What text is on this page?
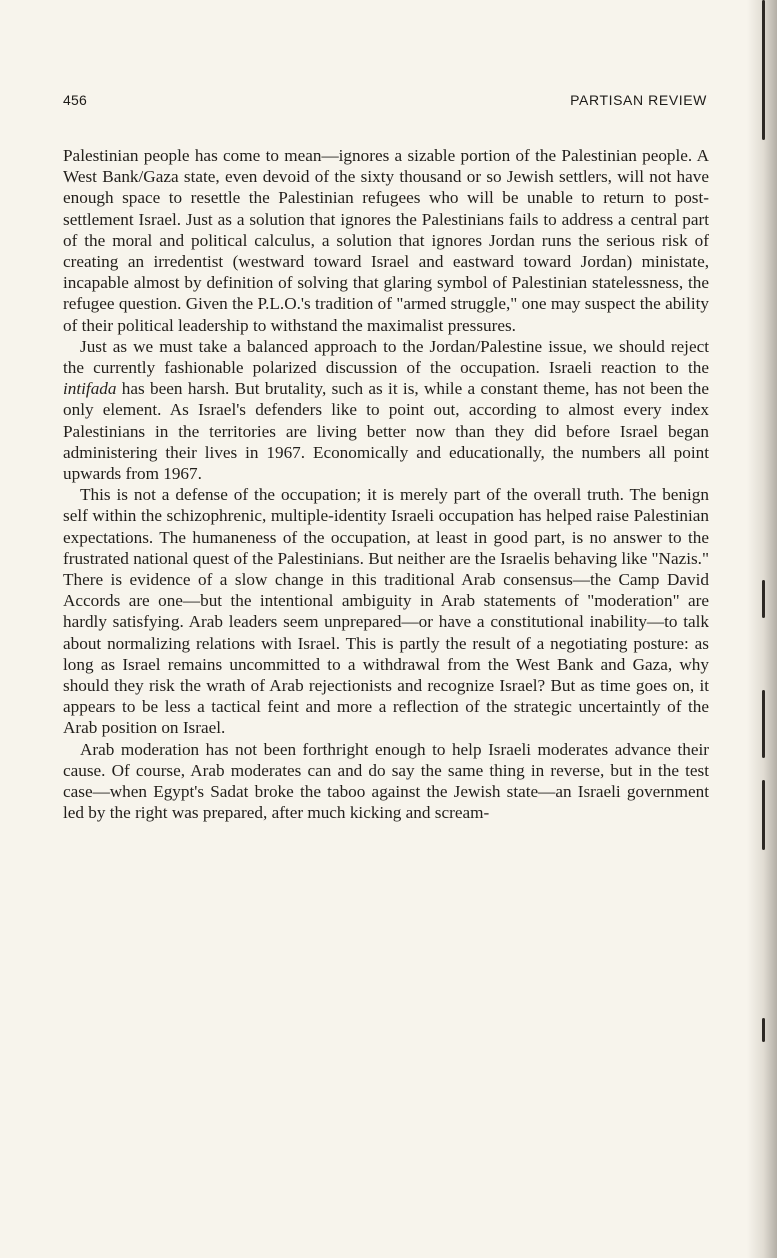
456	PARTISAN REVIEW

Palestinian people has come to mean—ignores a sizable portion of the Palestinian people. A West Bank/Gaza state, even devoid of the sixty thousand or so Jewish settlers, will not have enough space to resettle the Palestinian refugees who will be unable to return to post-settlement Israel. Just as a solution that ignores the Palestinians fails to address a central part of the moral and political calculus, a solution that ignores Jordan runs the serious risk of creating an irredentist (westward toward Israel and eastward toward Jordan) ministate, incapable almost by definition of solving that glaring symbol of Palestinian statelessness, the refugee question. Given the P.L.O.'s tradition of "armed struggle," one may suspect the ability of their political leadership to withstand the maximalist pressures.

Just as we must take a balanced approach to the Jordan/Palestine issue, we should reject the currently fashionable polarized discussion of the occupation. Israeli reaction to the intifada has been harsh. But brutality, such as it is, while a constant theme, has not been the only element. As Israel's defenders like to point out, according to almost every index Palestinians in the territories are living better now than they did before Israel began administering their lives in 1967. Economically and educationally, the numbers all point upwards from 1967.

This is not a defense of the occupation; it is merely part of the overall truth. The benign self within the schizophrenic, multiple-identity Israeli occupation has helped raise Palestinian expectations. The humaneness of the occupation, at least in good part, is no answer to the frustrated national quest of the Palestinians. But neither are the Israelis behaving like "Nazis." There is evidence of a slow change in this traditional Arab consensus—the Camp David Accords are one—but the intentional ambiguity in Arab statements of "moderation" are hardly satisfying. Arab leaders seem unprepared—or have a constitutional inability—to talk about normalizing relations with Israel. This is partly the result of a negotiating posture: as long as Israel remains uncommitted to a withdrawal from the West Bank and Gaza, why should they risk the wrath of Arab rejectionists and recognize Israel? But as time goes on, it appears to be less a tactical feint and more a reflection of the strategic uncertaintly of the Arab position on Israel.

Arab moderation has not been forthright enough to help Israeli moderates advance their cause. Of course, Arab moderates can and do say the same thing in reverse, but in the test case—when Egypt's Sadat broke the taboo against the Jewish state—an Israeli government led by the right was prepared, after much kicking and scream-
